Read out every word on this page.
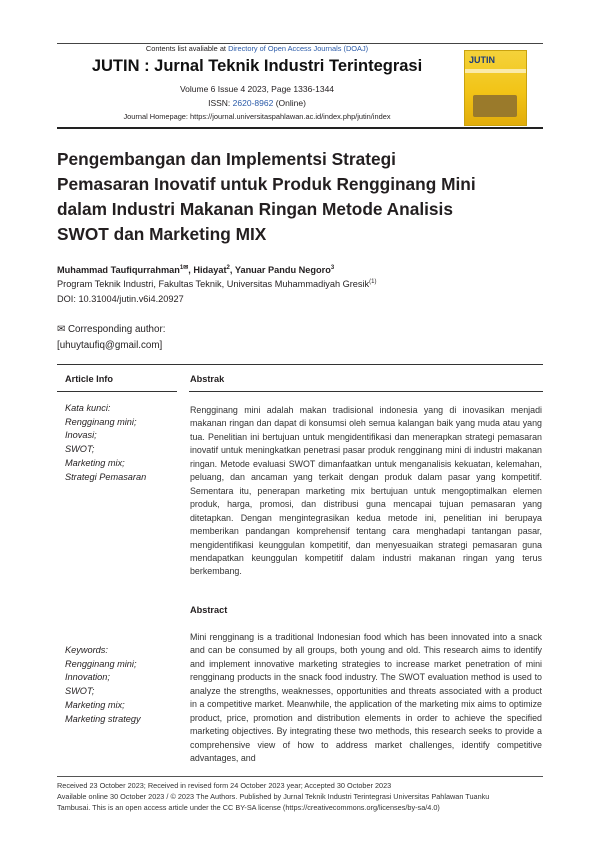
Contents list avaliable at Directory of Open Access Journals (DOAJ)
JUTIN : Jurnal Teknik Industri Terintegrasi
Volume 6 Issue 4 2023, Page 1336-1344
ISSN: 2620-8962 (Online)
Journal Homepage: https://journal.universitaspahlawan.ac.id/index.php/jutin/index
JUTIN
Pengembangan dan Implementsi Strategi
Pemasaran Inovatif untuk Produk Rengginang Mini
dalam Industri Makanan Ringan Metode Analisis
SWOT dan Marketing MIX
Muhammad Taufiqurrahman$^{1✉}$, Hidayat$^2$, Yanuar Pandu Negoro$^3$
Program Teknik Industri, Fakultas Teknik, Universitas Muhammadiyah Gresik$^{(1)}$
DOI: 10.31004/jutin.v6i4.20927
✉ Corresponding author:
[uhuytaufiq@gmail.com]
Article Info	Abstrak
Kata kunci:
Rengginang mini;
Inovasi;
SWOT;
Marketing mix;
Strategi Pemasaran
Rengginang mini adalah makan tradisional indonesia yang di inovasikan menjadi makanan ringan dan dapat di konsumsi oleh semua kalangan baik yang muda atau yang tua. Penelitian ini bertujuan untuk mengidentifikasi dan menerapkan strategi pemasaran inovatif untuk meningkatkan penetrasi pasar produk rengginang mini di industri makanan ringan. Metode evaluasi SWOT dimanfaatkan untuk menganalisis kekuatan, kelemahan, peluang, dan ancaman yang terkait dengan produk dalam pasar yang kompetitif. Sementara itu, penerapan marketing mix bertujuan untuk mengoptimalkan elemen produk, harga, promosi, dan distribusi guna mencapai tujuan pemasaran yang ditetapkan. Dengan mengintegrasikan kedua metode ini, penelitian ini berupaya memberikan pandangan komprehensif tentang cara menghadapi tantangan pasar, mengidentifikasi keunggulan kompetitif, dan menyesuaikan strategi pemasaran guna mendapatkan keunggulan kompetitif dalam industri makanan ringan yang terus berkembang.
Abstract
Keywords:
Rengginang mini;
Innovation;
SWOT;
Marketing mix;
Marketing strategy
Mini rengginang is a traditional Indonesian food which has been innovated into a snack and can be consumed by all groups, both young and old. This research aims to identify and implement innovative marketing strategies to increase market penetration of mini rengginang products in the snack food industry. The SWOT evaluation method is used to analyze the strengths, weaknesses, opportunities and threats associated with a product in a competitive market. Meanwhile, the application of the marketing mix aims to optimize product, price, promotion and distribution elements in order to achieve the specified marketing objectives. By integrating these two methods, this research seeks to provide a comprehensive view of how to address market challenges, identify competitive advantages, and
Received 23 October 2023; Received in revised form 24 October 2023 year; Accepted 30 October 2023
Available online 30 October 2023 / © 2023 The Authors. Published by Jurnal Teknik Industri Terintegrasi Universitas Pahlawan Tuanku
Tambusai. This is an open access article under the CC BY-SA license (https://creativecommons.org/licenses/by-sa/4.0)
